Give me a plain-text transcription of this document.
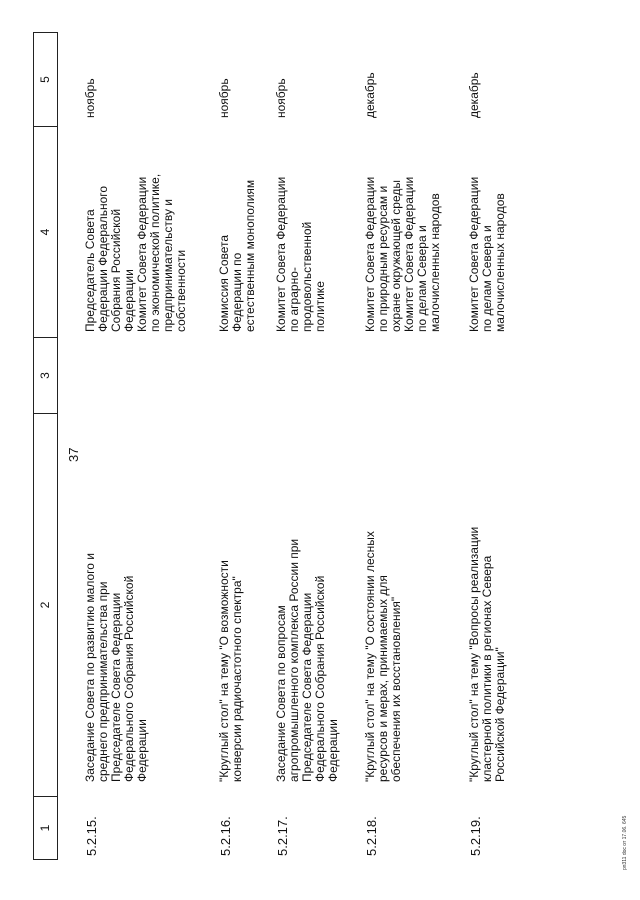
37
1
2
3
4
5
5.2.15.
Заседание Совета по развитию малого и
среднего предпринимательства при
Председателе Совета Федерации
Федерального Собрания Российской
Федерации
Председатель Совета
Федерации Федерального
Собрания Российской
Федерации
Комитет Совета Федерации
по экономической политике,
предпринимательству и
собственности
ноябрь
5.2.16.
"Круглый стол" на тему "О возможности
конверсии радиочастотного спектра"
Комиссия Совета
Федерации по
естественным монополиям
ноябрь
5.2.17.
Заседание Совета по вопросам
агропромышленного комплекса России при
Председателе Совета Федерации
Федерального Собрания Российской
Федерации
Комитет Совета Федерации
по аграрно-
продовольственной
политике
ноябрь
5.2.18.
"Круглый стол" на тему "О состоянии лесных
ресурсов и мерах, принимаемых для
обеспечения их восстановления"
Комитет Совета Федерации
по природным ресурсам и
охране окружающей среды
Комитет Совета Федерации
по делам Севера и
малочисленных народов
декабрь
5.2.19.
"Круглый стол" на тему "Вопросы реализации
кластерной политики в регионах Севера
Российской Федерации"
Комитет Совета Федерации
по делам Севера и
малочисленных народов
декабрь
рп311 doc от 17.06. 645
